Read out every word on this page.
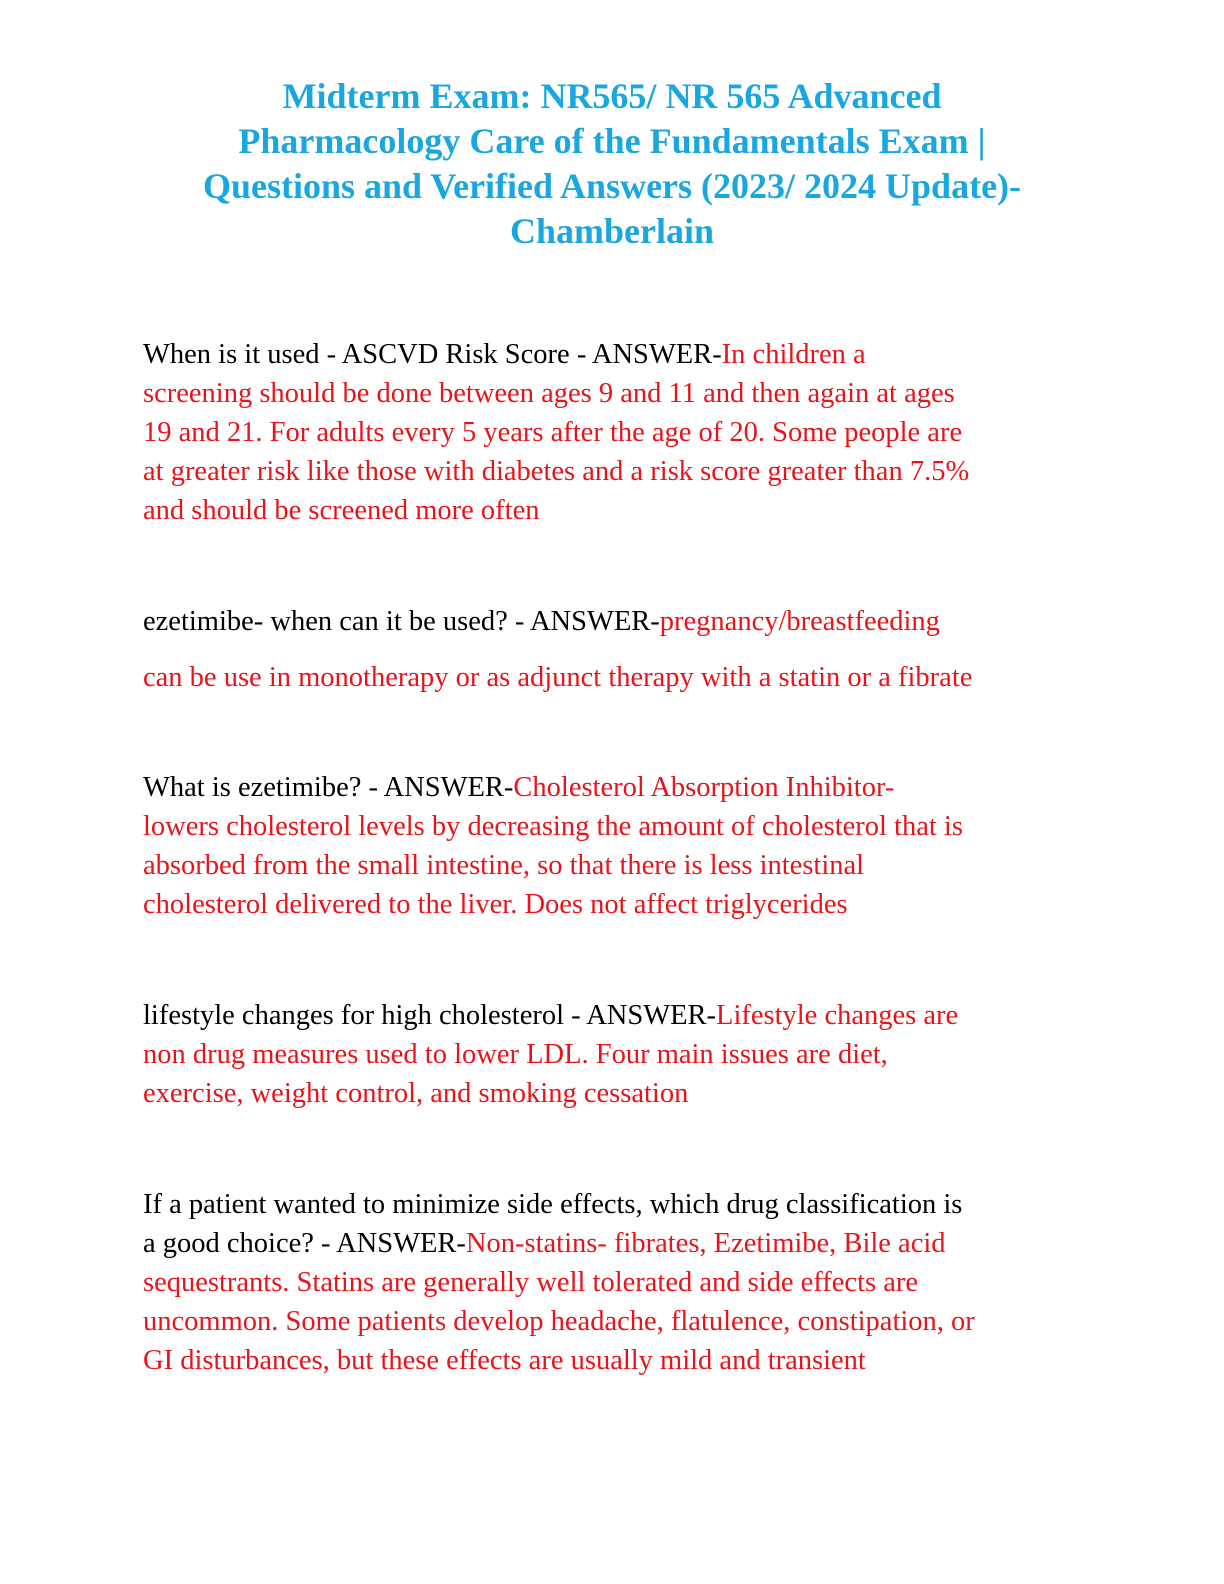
Midterm Exam: NR565/ NR 565 Advanced
Pharmacology Care of the Fundamentals Exam |
Questions and Verified Answers (2023/ 2024 Update)-
Chamberlain

When is it used - ASCVD Risk Score - ANSWER-In children a
screening should be done between ages 9 and 11 and then again at ages
19 and 21. For adults every 5 years after the age of 20. Some people are
at greater risk like those with diabetes and a risk score greater than 7.5%
and should be screened more often

ezetimibe- when can it be used? - ANSWER-pregnancy/breastfeeding

can be use in monotherapy or as adjunct therapy with a statin or a fibrate

What is ezetimibe? - ANSWER-Cholesterol Absorption Inhibitor-
lowers cholesterol levels by decreasing the amount of cholesterol that is
absorbed from the small intestine, so that there is less intestinal
cholesterol delivered to the liver. Does not affect triglycerides

lifestyle changes for high cholesterol - ANSWER-Lifestyle changes are
non drug measures used to lower LDL. Four main issues are diet,
exercise, weight control, and smoking cessation

If a patient wanted to minimize side effects, which drug classification is
a good choice? - ANSWER-Non-statins- fibrates, Ezetimibe, Bile acid
sequestrants. Statins are generally well tolerated and side effects are
uncommon. Some patients develop headache, flatulence, constipation, or
GI disturbances, but these effects are usually mild and transient
